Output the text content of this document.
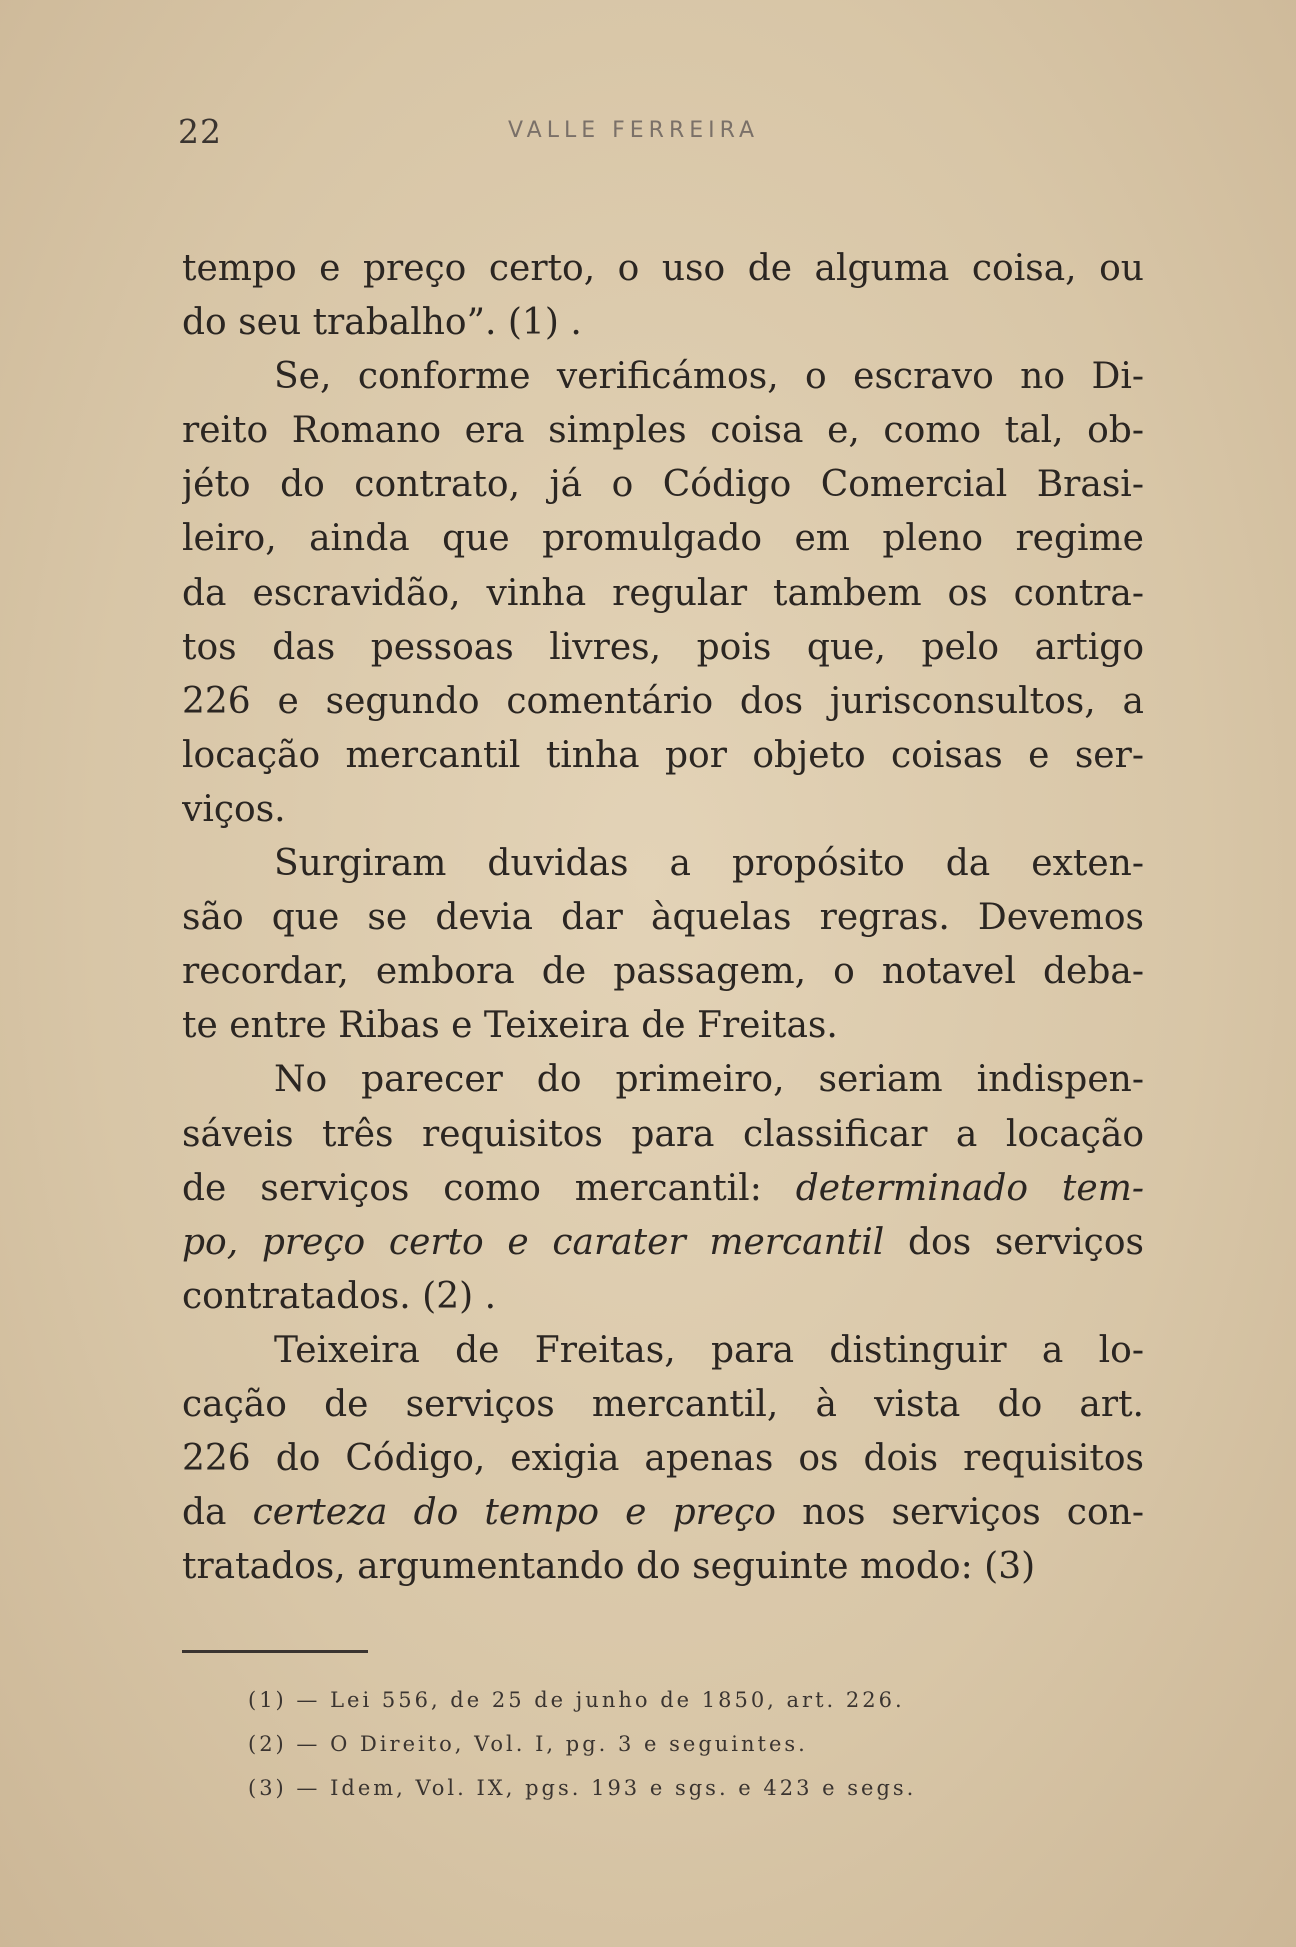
22	VALLE FERREIRA
tempo e preço certo, o uso de alguma coisa, ou
do seu trabalho”. (1) .
Se, conforme verificámos, o escravo no Di-
reito Romano era simples coisa e, como tal, ob-
jéto do contrato, já o Código Comercial Brasi-
leiro, ainda que promulgado em pleno regime
da escravidão, vinha regular tambem os contra-
tos das pessoas livres, pois que, pelo artigo
226 e segundo comentário dos jurisconsultos, a
locação mercantil tinha por objeto coisas e ser-
viços.
Surgiram duvidas a propósito da exten-
são que se devia dar àquelas regras. Devemos
recordar, embora de passagem, o notavel deba-
te entre Ribas e Teixeira de Freitas.
No parecer do primeiro, seriam indispen-
sáveis três requisitos para classificar a locação
de serviços como mercantil: determinado tem-
po, preço certo e carater mercantil dos serviços
contratados. (2) .
Teixeira de Freitas, para distinguir a lo-
cação de serviços mercantil, à vista do art.
226 do Código, exigia apenas os dois requisitos
da certeza do tempo e preço nos serviços con-
tratados, argumentando do seguinte modo: (3)
(1) — Lei 556, de 25 de junho de 1850, art. 226.
(2) — O Direito, Vol. I, pg. 3 e seguintes.
(3) — Idem, Vol. IX, pgs. 193 e sgs. e 423 e segs.
